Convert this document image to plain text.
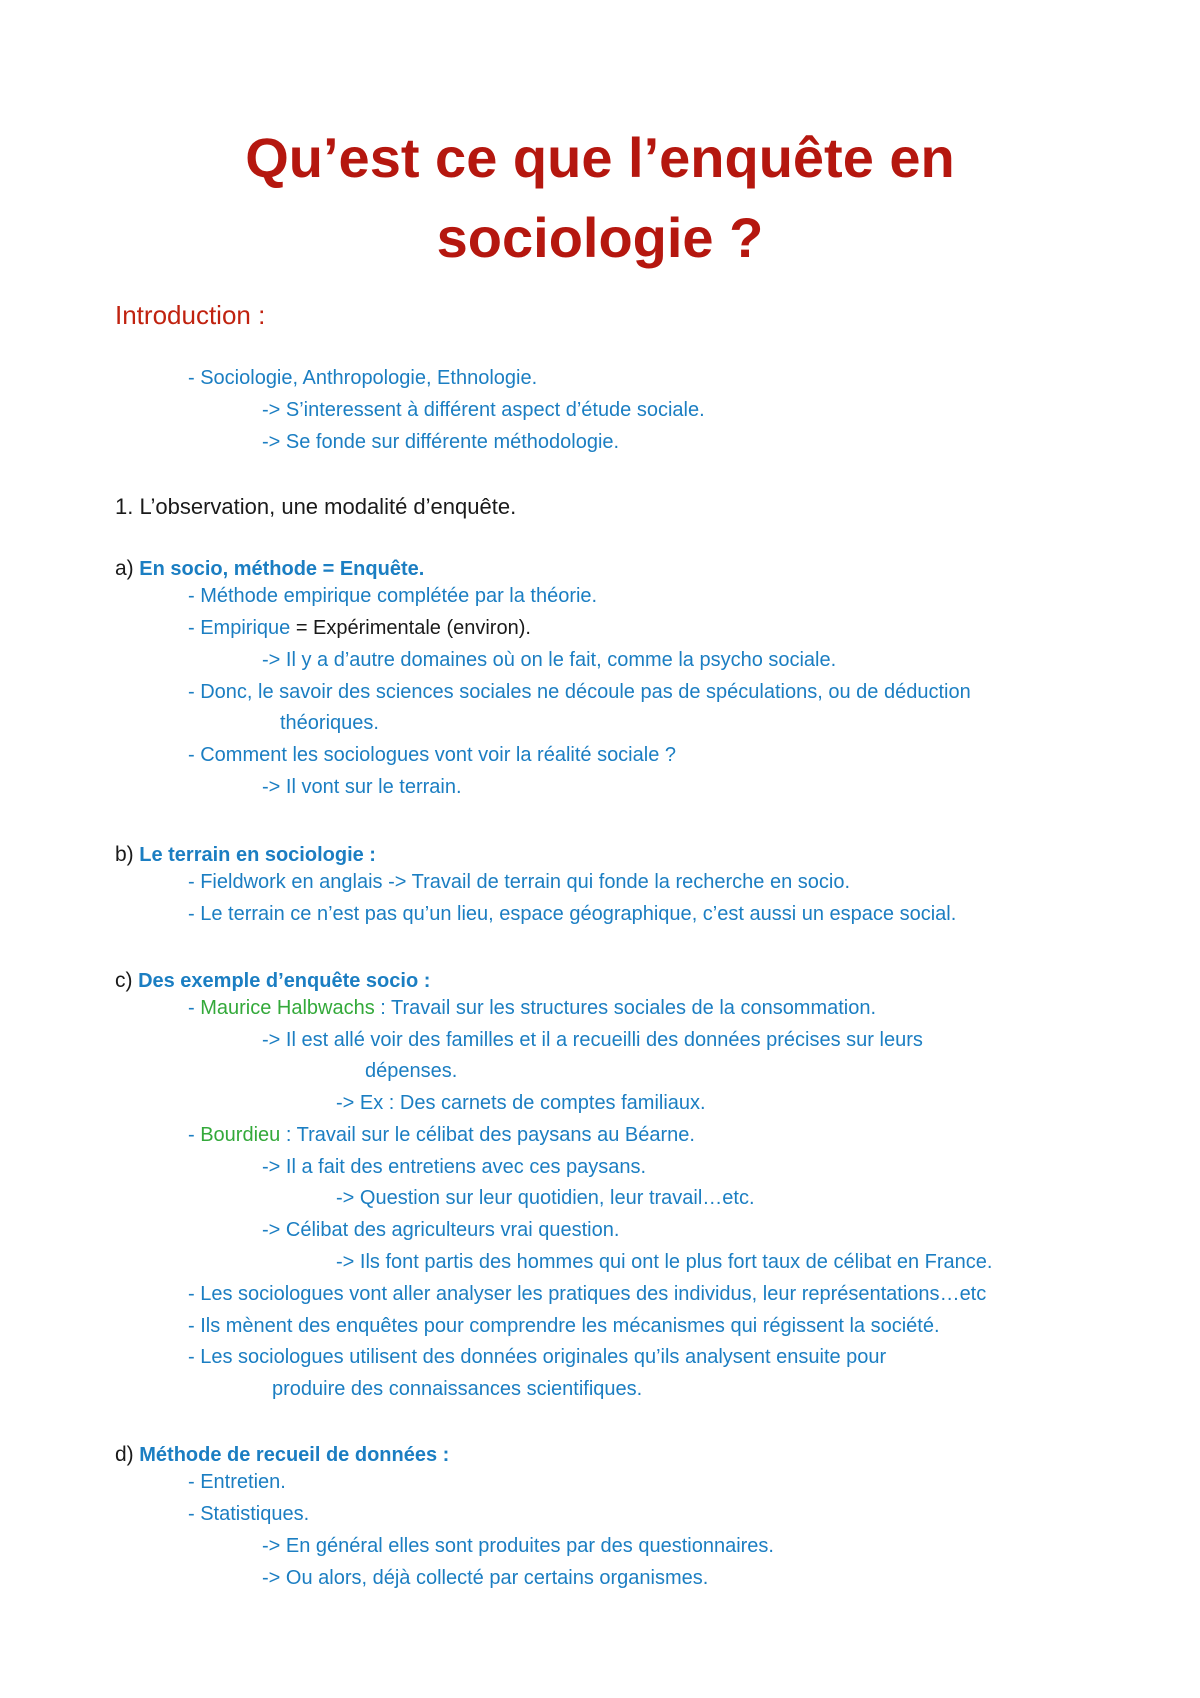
Qu’est ce que l’enquête en
sociologie ?
Introduction :
- Sociologie, Anthropologie, Ethnologie.
-> S’interessent à différent aspect d’étude sociale.
-> Se fonde sur différente méthodologie.
1. L’observation, une modalité d’enquête.
a) En socio, méthode = Enquête.
- Méthode empirique complétée par la théorie.
- Empirique = Expérimentale (environ).
-> Il y a d’autre domaines où on le fait, comme la psycho sociale.
- Donc, le savoir des sciences sociales ne découle pas de spéculations, ou de déduction
théoriques.
- Comment les sociologues vont voir la réalité sociale ?
-> Il vont sur le terrain.
b) Le terrain en sociologie :
- Fieldwork en anglais -> Travail de terrain qui fonde la recherche en socio.
- Le terrain ce n’est pas qu’un lieu, espace géographique, c’est aussi un espace social.
c) Des exemple d’enquête socio :
- Maurice Halbwachs : Travail sur les structures sociales de la consommation.
-> Il est allé voir des familles et il a recueilli des données précises sur leurs
dépenses.
-> Ex : Des carnets de comptes familiaux.
- Bourdieu : Travail sur le célibat des paysans au Béarne.
-> Il a fait des entretiens avec ces paysans.
-> Question sur leur quotidien, leur travail…etc.
-> Célibat des agriculteurs vrai question.
-> Ils font partis des hommes qui ont le plus fort taux de célibat en France.
- Les sociologues vont aller analyser les pratiques des individus, leur représentations…etc
- Ils mènent des enquêtes pour comprendre les mécanismes qui régissent la société.
- Les sociologues utilisent des données originales qu’ils analysent ensuite pour
produire des connaissances scientifiques.
d) Méthode de recueil de données :
- Entretien.
- Statistiques.
-> En général elles sont produites par des questionnaires.
-> Ou alors, déjà collecté par certains organismes.
